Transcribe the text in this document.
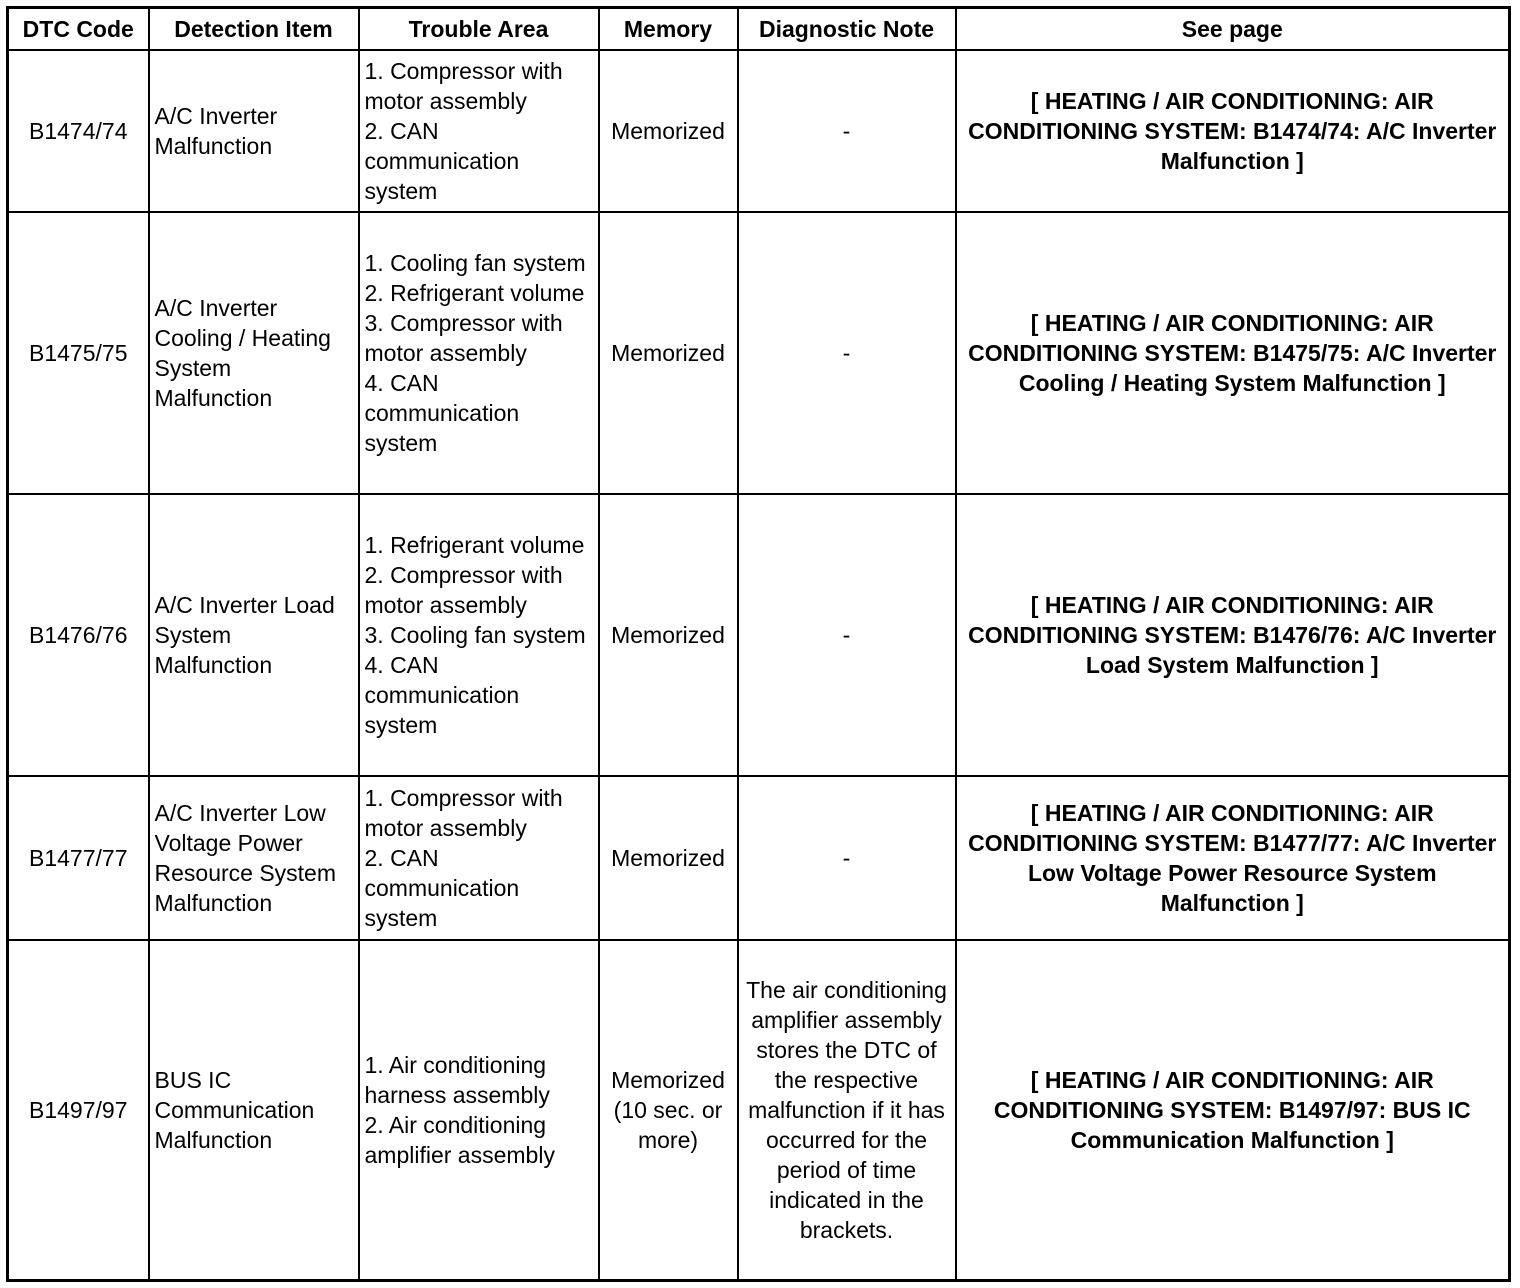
DTC Code	Detection Item	Trouble Area	Memory	Diagnostic Note	See page
B1474/74	A/C Inverter Malfunction	1. Compressor with motor assembly
2. CAN communication system	Memorized	-	[ HEATING / AIR CONDITIONING: AIR CONDITIONING SYSTEM: B1474/74: A/C Inverter Malfunction ]
B1475/75	A/C Inverter Cooling / Heating System Malfunction	1. Cooling fan system
2. Refrigerant volume
3. Compressor with motor assembly
4. CAN communication system	Memorized	-	[ HEATING / AIR CONDITIONING: AIR CONDITIONING SYSTEM: B1475/75: A/C Inverter Cooling / Heating System Malfunction ]
B1476/76	A/C Inverter Load System Malfunction	1. Refrigerant volume
2. Compressor with motor assembly
3. Cooling fan system
4. CAN communication system	Memorized	-	[ HEATING / AIR CONDITIONING: AIR CONDITIONING SYSTEM: B1476/76: A/C Inverter Load System Malfunction ]
B1477/77	A/C Inverter Low Voltage Power Resource System Malfunction	1. Compressor with motor assembly
2. CAN communication system	Memorized	-	[ HEATING / AIR CONDITIONING: AIR CONDITIONING SYSTEM: B1477/77: A/C Inverter Low Voltage Power Resource System Malfunction ]
B1497/97	BUS IC Communication Malfunction	1. Air conditioning harness assembly
2. Air conditioning amplifier assembly	Memorized (10 sec. or more)	The air conditioning amplifier assembly stores the DTC of the respective malfunction if it has occurred for the period of time indicated in the brackets.	[ HEATING / AIR CONDITIONING: AIR CONDITIONING SYSTEM: B1497/97: BUS IC Communication Malfunction ]
